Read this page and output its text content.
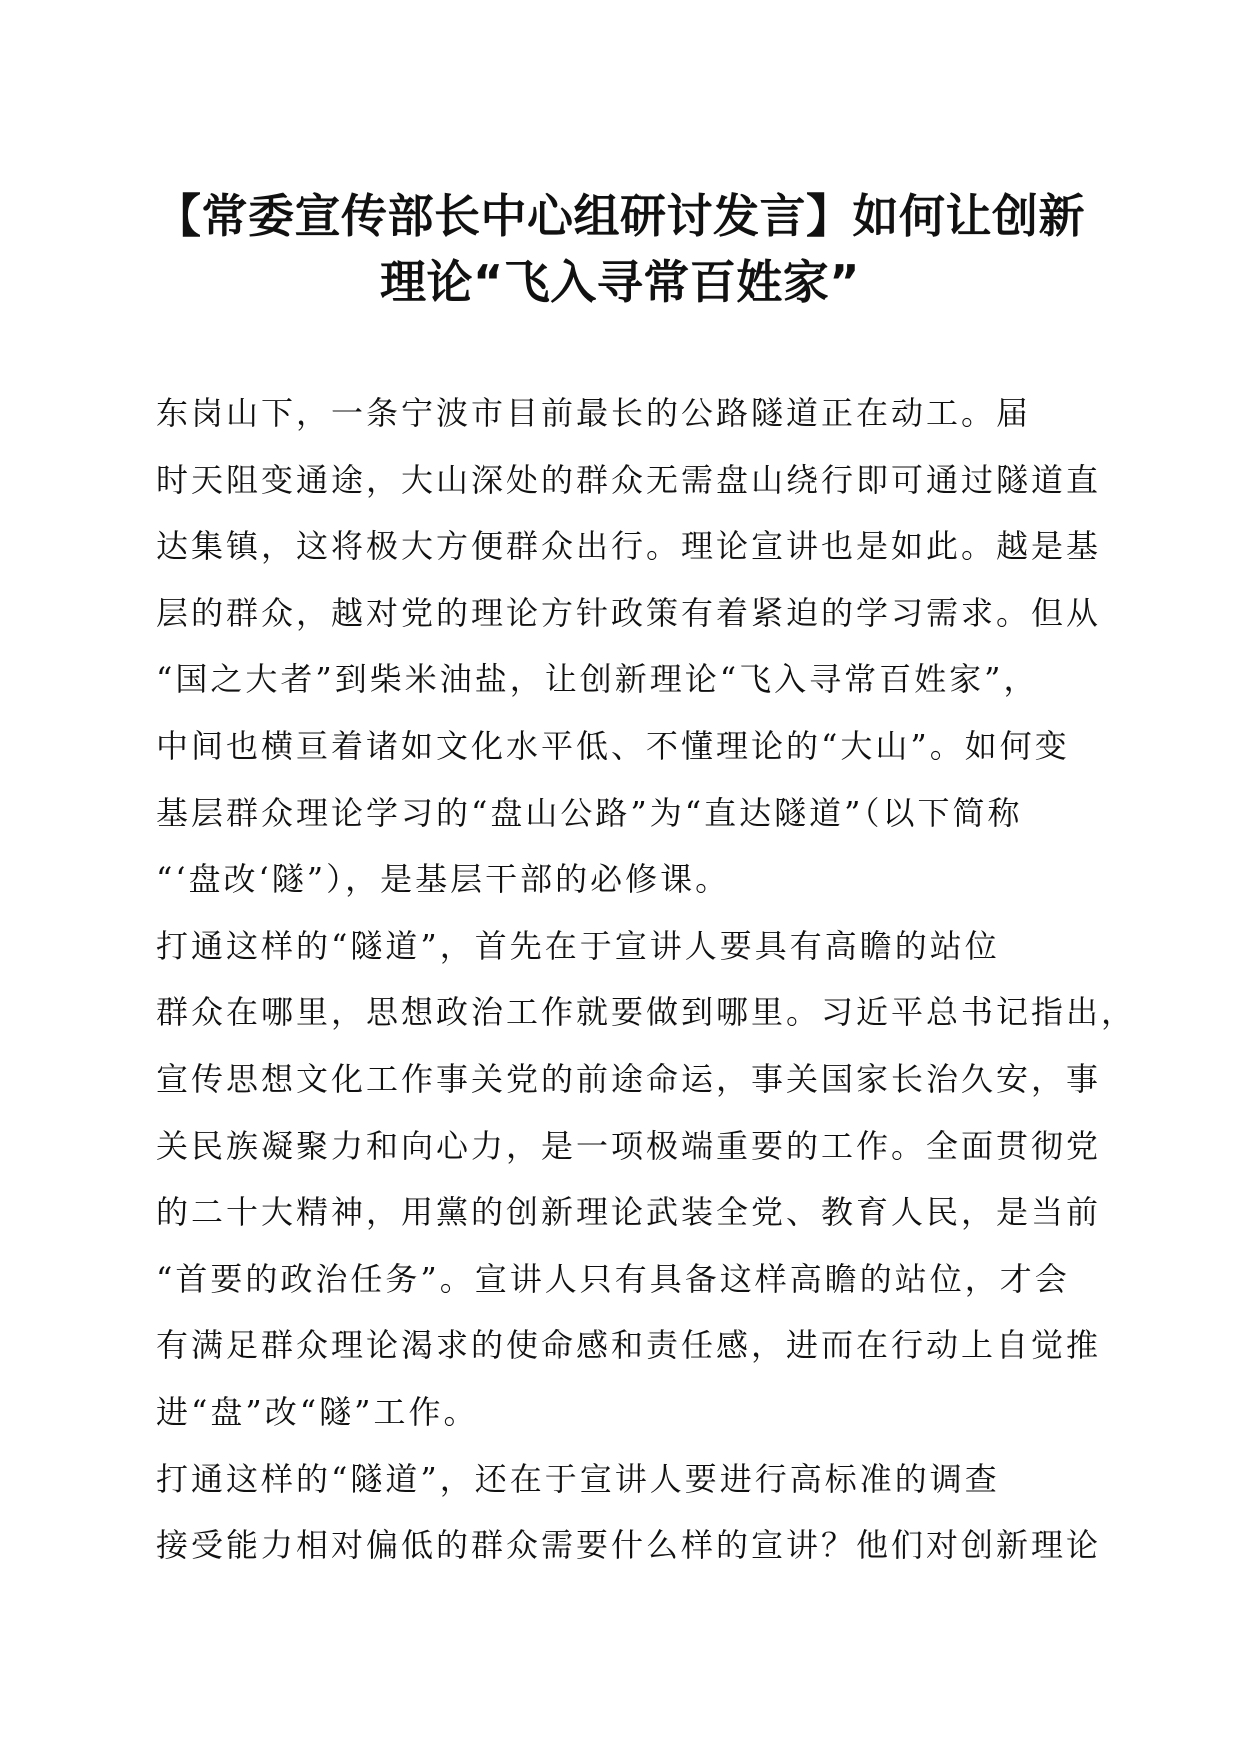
【常委宣传部长中心组研讨发言】如何让创新
理论“飞入寻常百姓家”
东岗山下，一条宁波市目前最长的公路隧道正在动工。届
时天阻变通途，大山深处的群众无需盘山绕行即可通过隧道直
达集镇，这将极大方便群众出行。理论宣讲也是如此。越是基
层的群众，越对党的理论方针政策有着紧迫的学习需求。但从
“国之大者”到柴米油盐，让创新理论“飞入寻常百姓家”，
中间也横亘着诸如文化水平低、不懂理论的“大山”。如何变
基层群众理论学习的“盘山公路”为“直达隧道”（以下简称
“‘盘改‘隧”），是基层干部的必修课。
打通这样的“隧道”，首先在于宣讲人要具有高瞻的站位
群众在哪里，思想政治工作就要做到哪里。习近平总书记指出，
宣传思想文化工作事关党的前途命运，事关国家长治久安，事
关民族凝聚力和向心力，是一项极端重要的工作。全面贯彻党
的二十大精神，用黨的创新理论武装全党、教育人民，是当前
“首要的政治任务”。宣讲人只有具备这样高瞻的站位，才会
有满足群众理论渴求的使命感和责任感，进而在行动上自觉推
进“盘”改“隧”工作。
打通这样的“隧道”，还在于宣讲人要进行高标准的调查
接受能力相对偏低的群众需要什么样的宣讲？他们对创新理论
